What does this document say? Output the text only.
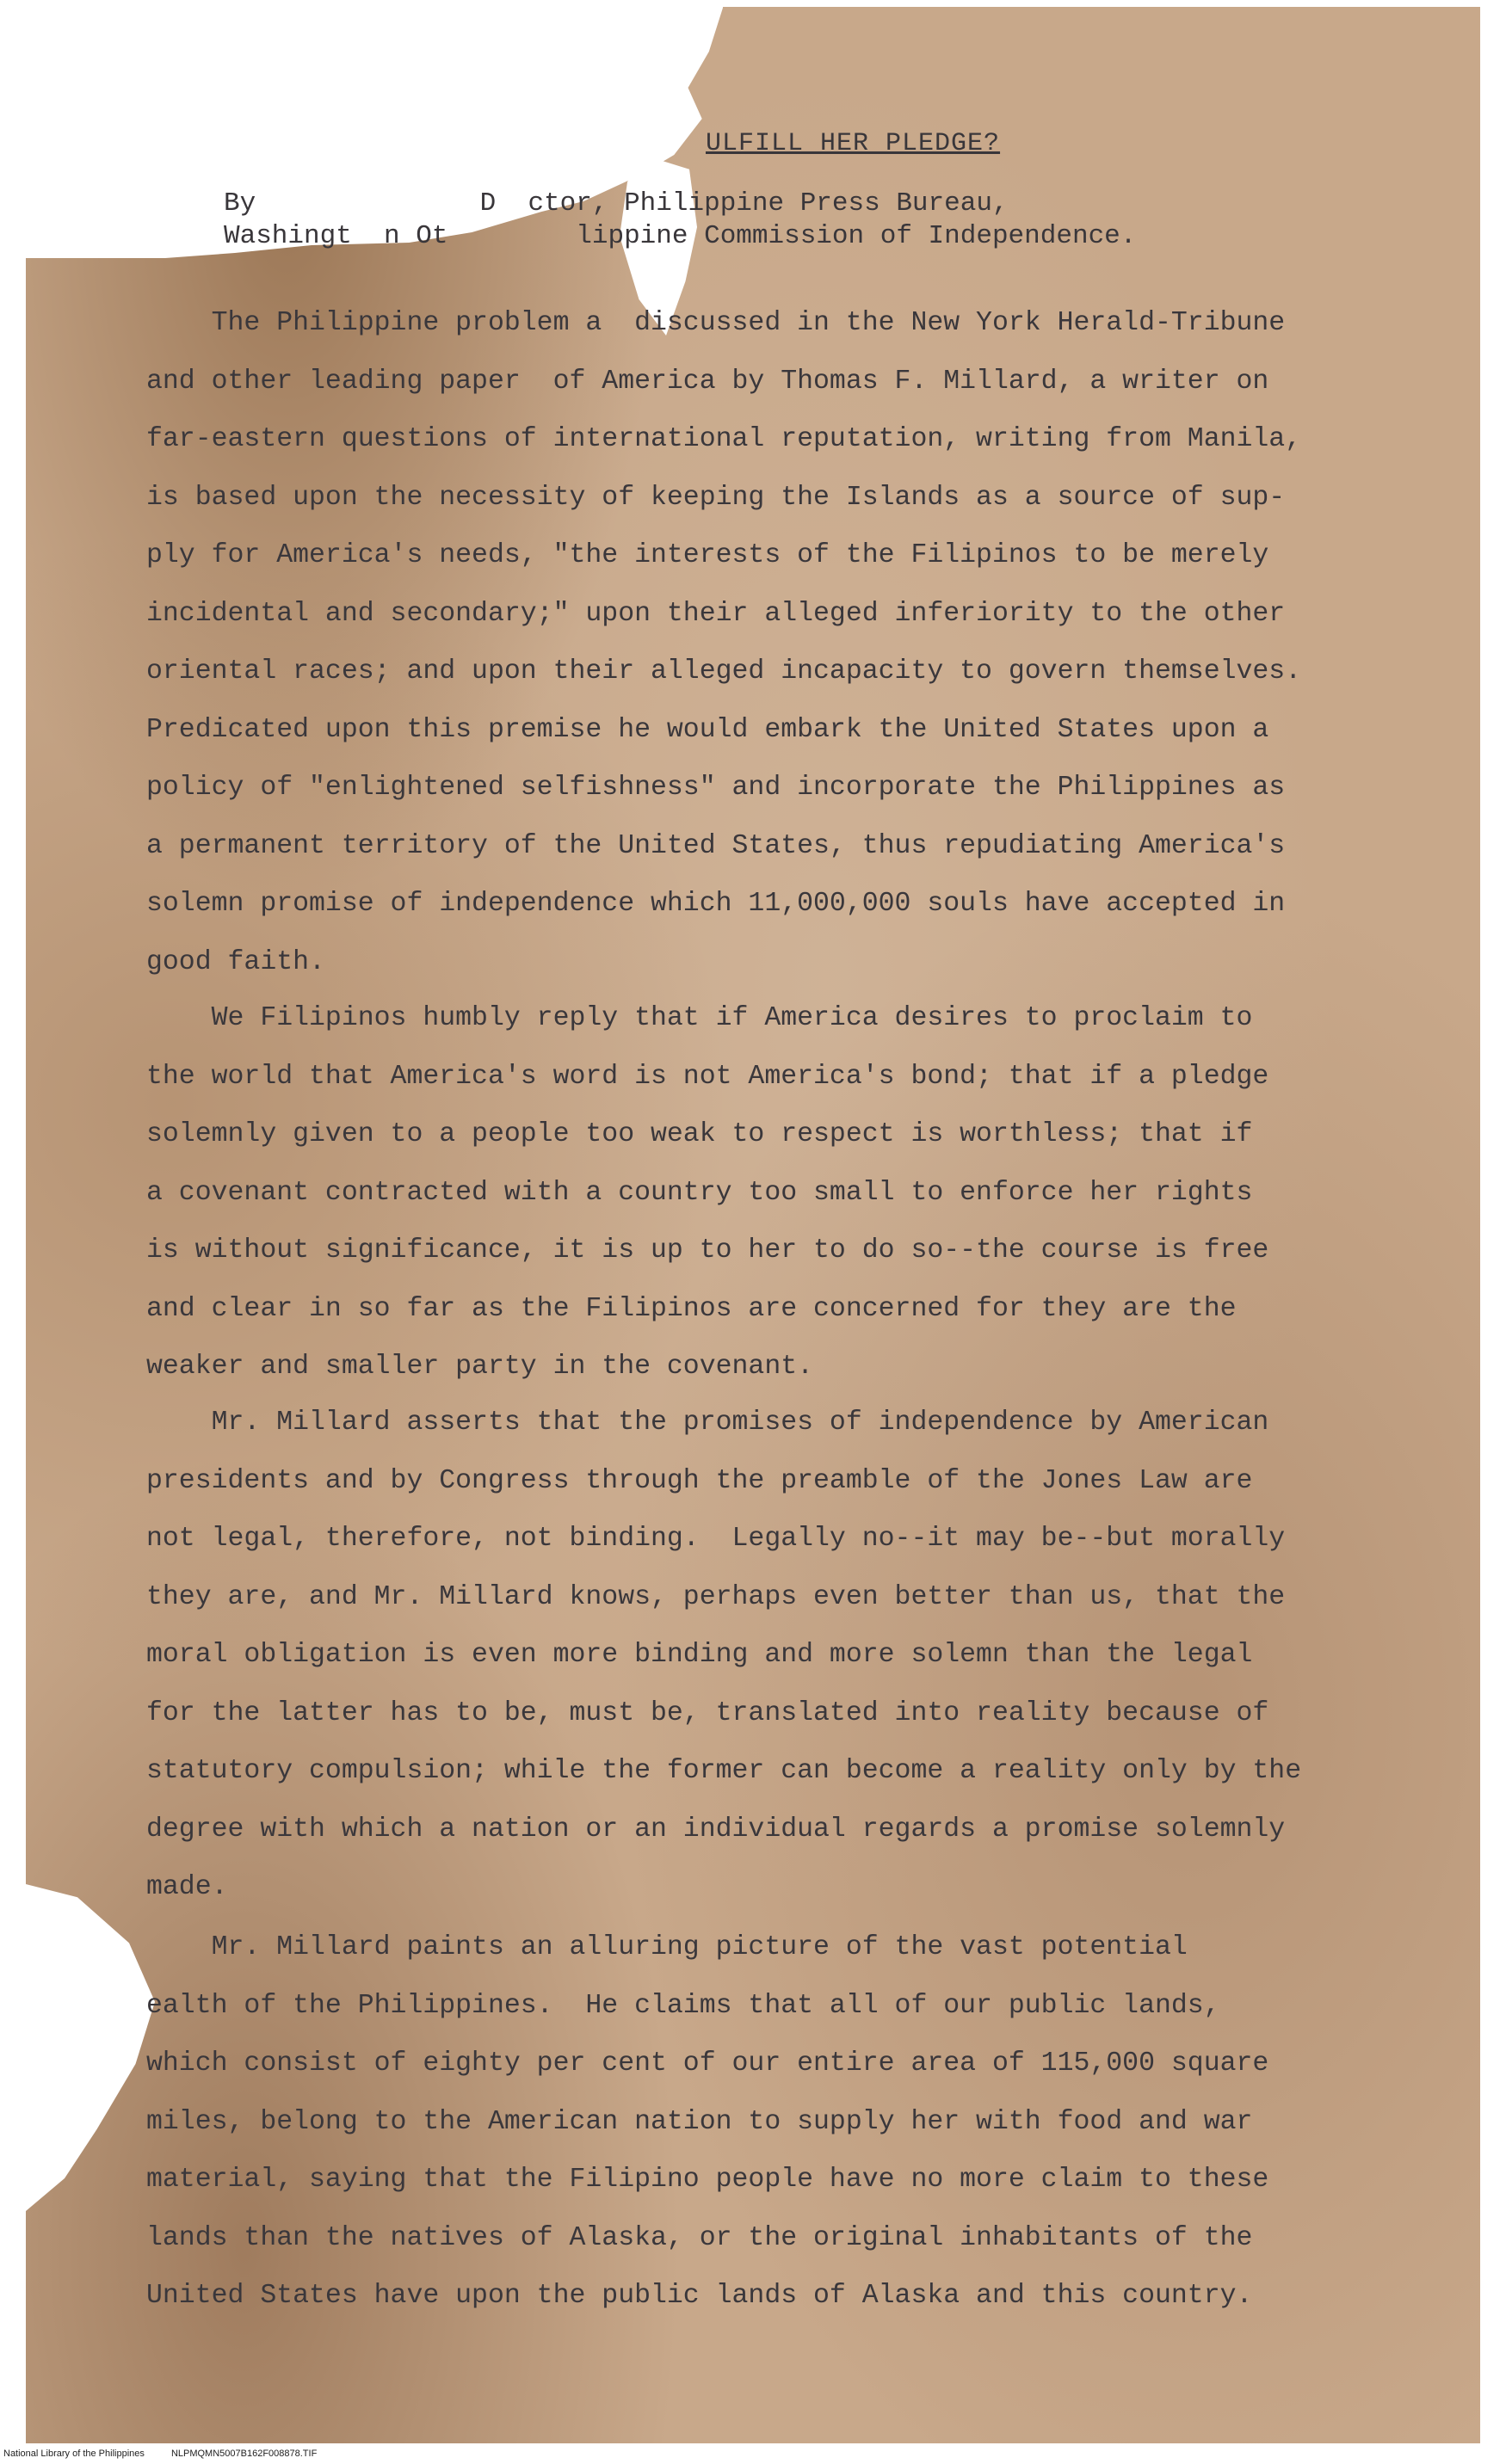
ULFILL HER PLEDGE?
By              D  ctor, Philippine Press Bureau,
Washingt  n Ot        lippine Commission of Independence.
The Philippine problem a  discussed in the New York Herald-Tribune
and other leading paper  of America by Thomas F. Millard, a writer on
far-eastern questions of international reputation, writing from Manila,
is based upon the necessity of keeping the Islands as a source of sup-
ply for America's needs, "the interests of the Filipinos to be merely
incidental and secondary;" upon their alleged inferiority to the other
oriental races; and upon their alleged incapacity to govern themselves.
Predicated upon this premise he would embark the United States upon a
policy of "enlightened selfishness" and incorporate the Philippines as
a permanent territory of the United States, thus repudiating America's
solemn promise of independence which 11,000,000 souls have accepted in
good faith.
We Filipinos humbly reply that if America desires to proclaim to
the world that America's word is not America's bond; that if a pledge
solemnly given to a people too weak to respect is worthless; that if
a covenant contracted with a country too small to enforce her rights
is without significance, it is up to her to do so--the course is free
and clear in so far as the Filipinos are concerned for they are the
weaker and smaller party in the covenant.
Mr. Millard asserts that the promises of independence by American
presidents and by Congress through the preamble of the Jones Law are
not legal, therefore, not binding.  Legally no--it may be--but morally
they are, and Mr. Millard knows, perhaps even better than us, that the
moral obligation is even more binding and more solemn than the legal
for the latter has to be, must be, translated into reality because of
statutory compulsion; while the former can become a reality only by the
degree with which a nation or an individual regards a promise solemnly
made.
Mr. Millard paints an alluring picture of the vast potential
ealth of the Philippines.  He claims that all of our public lands,
which consist of eighty per cent of our entire area of 115,000 square
miles, belong to the American nation to supply her with food and war
material, saying that the Filipino people have no more claim to these
lands than the natives of Alaska, or the original inhabitants of the
United States have upon the public lands of Alaska and this country.
National Library of the Philippines	NLPMQMN5007B162F008878.TIF
